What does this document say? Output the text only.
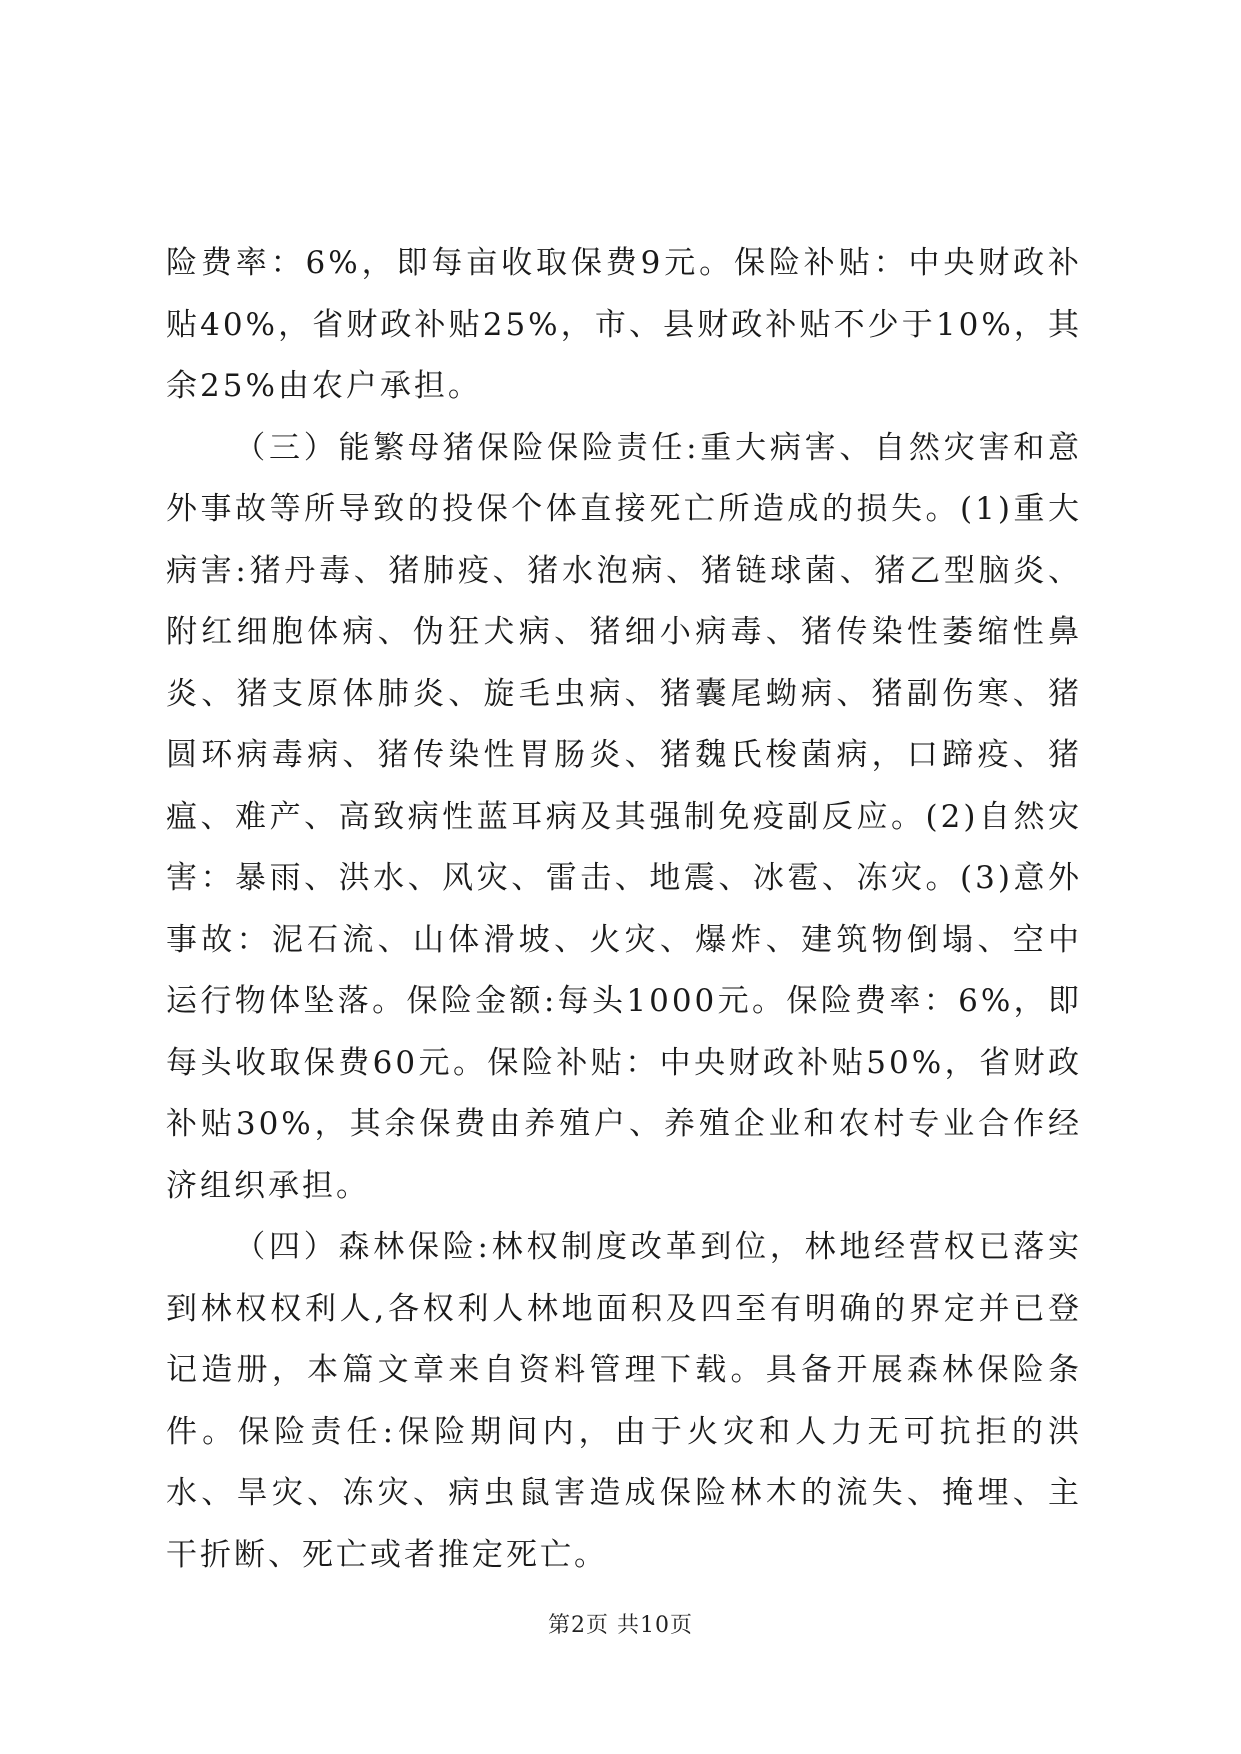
险费率：6%，即每亩收取保费9元。保险补贴：中央财政补贴40%，省财政补贴25%，市、县财政补贴不少于10%，其余25%由农户承担。

（三）能繁母猪保险保险责任:重大病害、自然灾害和意外事故等所导致的投保个体直接死亡所造成的损失。(1)重大病害:猪丹毒、猪肺疫、猪水泡病、猪链球菌、猪乙型脑炎、附红细胞体病、伪狂犬病、猪细小病毒、猪传染性萎缩性鼻炎、猪支原体肺炎、旋毛虫病、猪囊尾蚴病、猪副伤寒、猪圆环病毒病、猪传染性胃肠炎、猪魏氏梭菌病，口蹄疫、猪瘟、难产、高致病性蓝耳病及其强制免疫副反应。(2)自然灾害：暴雨、洪水、风灾、雷击、地震、冰雹、冻灾。(3)意外事故：泥石流、山体滑坡、火灾、爆炸、建筑物倒塌、空中运行物体坠落。保险金额:每头1000元。保险费率：6%，即每头收取保费60元。保险补贴：中央财政补贴50%，省财政补贴30%，其余保费由养殖户、养殖企业和农村专业合作经济组织承担。

（四）森林保险:林权制度改革到位，林地经营权已落实到林权权利人,各权利人林地面积及四至有明确的界定并已登记造册，本篇文章来自资料管理下载。具备开展森林保险条件。保险责任:保险期间内，由于火灾和人力无可抗拒的洪水、旱灾、冻灾、病虫鼠害造成保险林木的流失、掩埋、主干折断、死亡或者推定死亡。

第2页 共10页
